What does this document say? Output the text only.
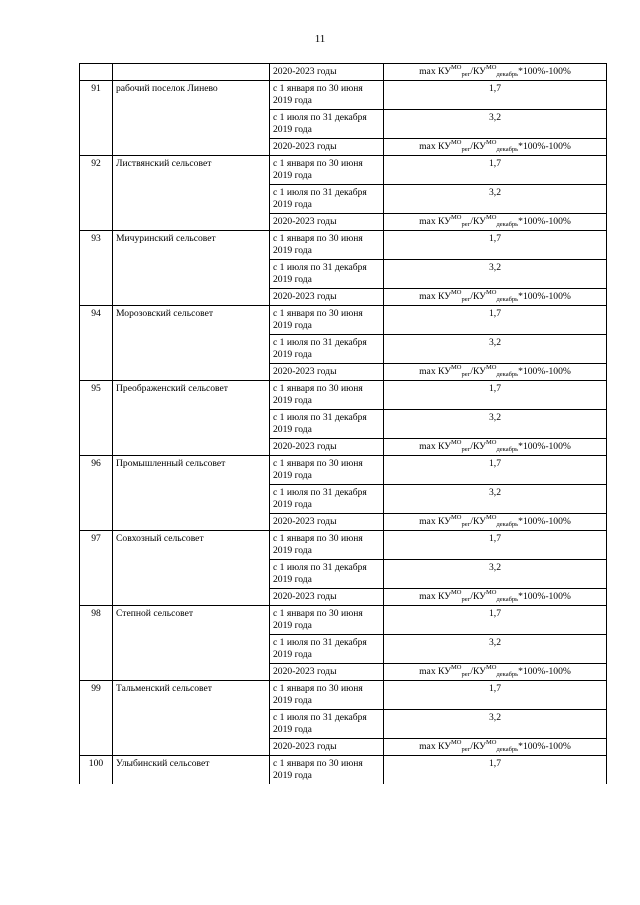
11
		2020-2023 годы	$\max КУ^{МО}_{рег}/КУ^{МО}_{декабрь}*100\%-100\%$
91	рабочий поселок Линево	с 1 января по 30 июня 2019 года	1,7
		с 1 июля по 31 декабря 2019 года	3,2
		2020-2023 годы	$\max КУ^{МО}_{рег}/КУ^{МО}_{декабрь}*100\%-100\%$
92	Листвянский сельсовет	с 1 января по 30 июня 2019 года	1,7
		с 1 июля по 31 декабря 2019 года	3,2
		2020-2023 годы	$\max КУ^{МО}_{рег}/КУ^{МО}_{декабрь}*100\%-100\%$
93	Мичуринский сельсовет	с 1 января по 30 июня 2019 года	1,7
		с 1 июля по 31 декабря 2019 года	3,2
		2020-2023 годы	$\max КУ^{МО}_{рег}/КУ^{МО}_{декабрь}*100\%-100\%$
94	Морозовский сельсовет	с 1 января по 30 июня 2019 года	1,7
		с 1 июля по 31 декабря 2019 года	3,2
		2020-2023 годы	$\max КУ^{МО}_{рег}/КУ^{МО}_{декабрь}*100\%-100\%$
95	Преображенский сельсовет	с 1 января по 30 июня 2019 года	1,7
		с 1 июля по 31 декабря 2019 года	3,2
		2020-2023 годы	$\max КУ^{МО}_{рег}/КУ^{МО}_{декабрь}*100\%-100\%$
96	Промышленный сельсовет	с 1 января по 30 июня 2019 года	1,7
		с 1 июля по 31 декабря 2019 года	3,2
		2020-2023 годы	$\max КУ^{МО}_{рег}/КУ^{МО}_{декабрь}*100\%-100\%$
97	Совхозный сельсовет	с 1 января по 30 июня 2019 года	1,7
		с 1 июля по 31 декабря 2019 года	3,2
		2020-2023 годы	$\max КУ^{МО}_{рег}/КУ^{МО}_{декабрь}*100\%-100\%$
98	Степной сельсовет	с 1 января по 30 июня 2019 года	1,7
		с 1 июля по 31 декабря 2019 года	3,2
		2020-2023 годы	$\max КУ^{МО}_{рег}/КУ^{МО}_{декабрь}*100\%-100\%$
99	Тальменский сельсовет	с 1 января по 30 июня 2019 года	1,7
		с 1 июля по 31 декабря 2019 года	3,2
		2020-2023 годы	$\max КУ^{МО}_{рег}/КУ^{МО}_{декабрь}*100\%-100\%$
100	Улыбинский сельсовет	с 1 января по 30 июня 2019 года	1,7
